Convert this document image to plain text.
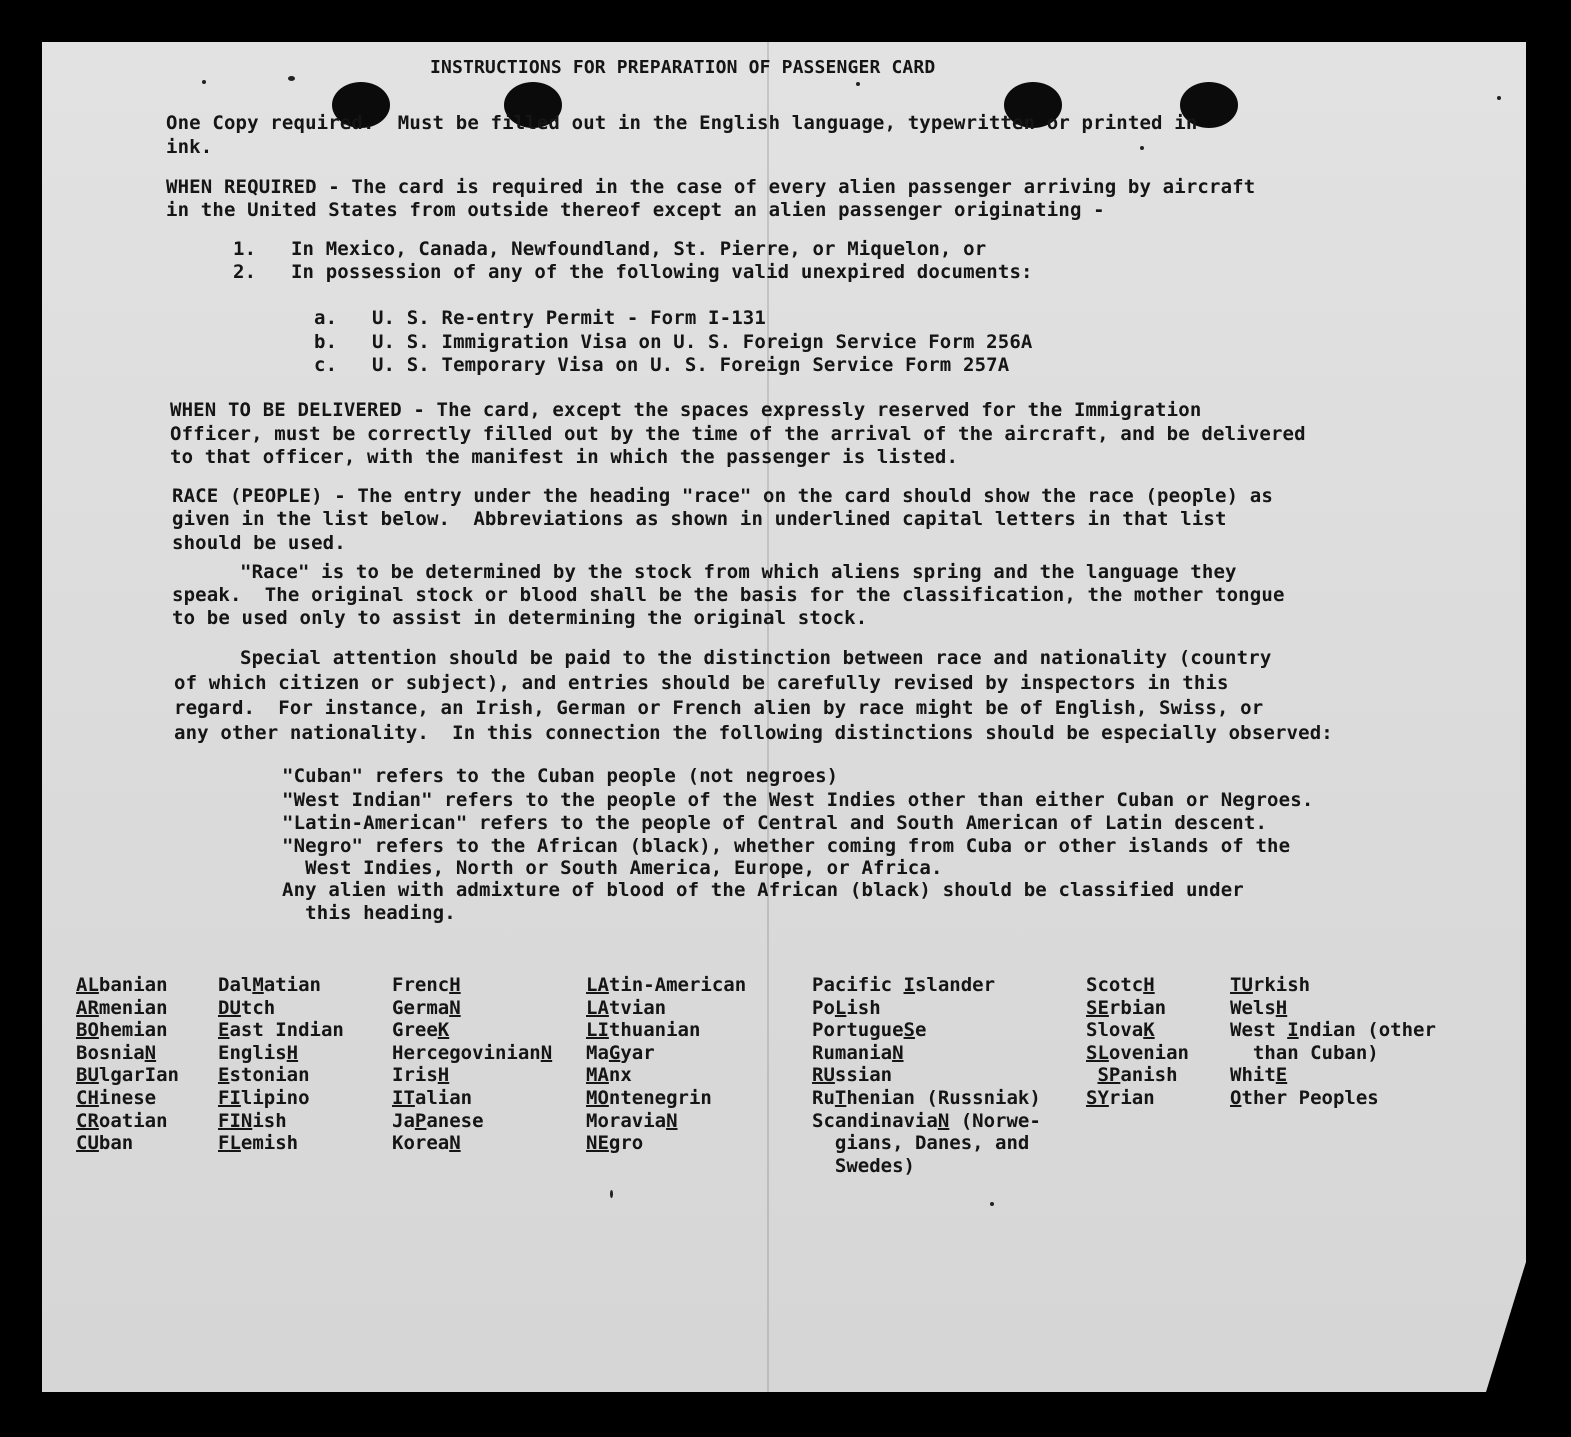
INSTRUCTIONS FOR PREPARATION OF PASSENGER CARD

One Copy required.  Must be filled out in the English language, typewritten or printed in

ink.

WHEN REQUIRED - The card is required in the case of every alien passenger arriving by aircraft

in the United States from outside thereof except an alien passenger originating -

1.   In Mexico, Canada, Newfoundland, St. Pierre, or Miquelon, or

2.   In possession of any of the following valid unexpired documents:

a.   U. S. Re-entry Permit - Form I-131

b.   U. S. Immigration Visa on U. S. Foreign Service Form 256A

c.   U. S. Temporary Visa on U. S. Foreign Service Form 257A

WHEN TO BE DELIVERED - The card, except the spaces expressly reserved for the Immigration

Officer, must be correctly filled out by the time of the arrival of the aircraft, and be delivered

to that officer, with the manifest in which the passenger is listed.

RACE (PEOPLE) - The entry under the heading "race" on the card should show the race (people) as

given in the list below.  Abbreviations as shown in underlined capital letters in that list

should be used.

"Race" is to be determined by the stock from which aliens spring and the language they

speak.  The original stock or blood shall be the basis for the classification, the mother tongue

to be used only to assist in determining the original stock.

Special attention should be paid to the distinction between race and nationality (country

of which citizen or subject), and entries should be carefully revised by inspectors in this

regard.  For instance, an Irish, German or French alien by race might be of English, Swiss, or

any other nationality.  In this connection the following distinctions should be especially observed:

"Cuban" refers to the Cuban people (not negroes)

"West Indian" refers to the people of the West Indies other than either Cuban or Negroes.

"Latin-American" refers to the people of Central and South American of Latin descent.

"Negro" refers to the African (black), whether coming from Cuba or other islands of the

West Indies, North or South America, Europe, or Africa.

Any alien with admixture of blood of the African (black) should be classified under

this heading.

ALbanian
ARmenian
BOhemian
BosniaN
BUlgarIan
CHinese
CRoatian
CUban
DalMatian
DUtch
East Indian
EnglisH
Estonian
FIlipino
FINish
FLemish
FrencH
GermaN
GreeK
HercegovinianN
IrisH
ITalian
JaPanese
KoreaN
LAtin-American
LAtvian
LIthuanian
MaGyar
MAnx
MOntenegrin
MoraviaN
NEgro
Pacific Islander
PoLish
PortugueSe
RumaniaN
RUssian
RuThenian (Russniak)
ScandinaviaN (Norwe-
gians, Danes, and
Swedes)
ScotcH
SErbian
SlovaK
SLovenian
SPanish
SYrian
TUrkish
WelsH
West Indian (other
than Cuban)
WhitE
Other Peoples
